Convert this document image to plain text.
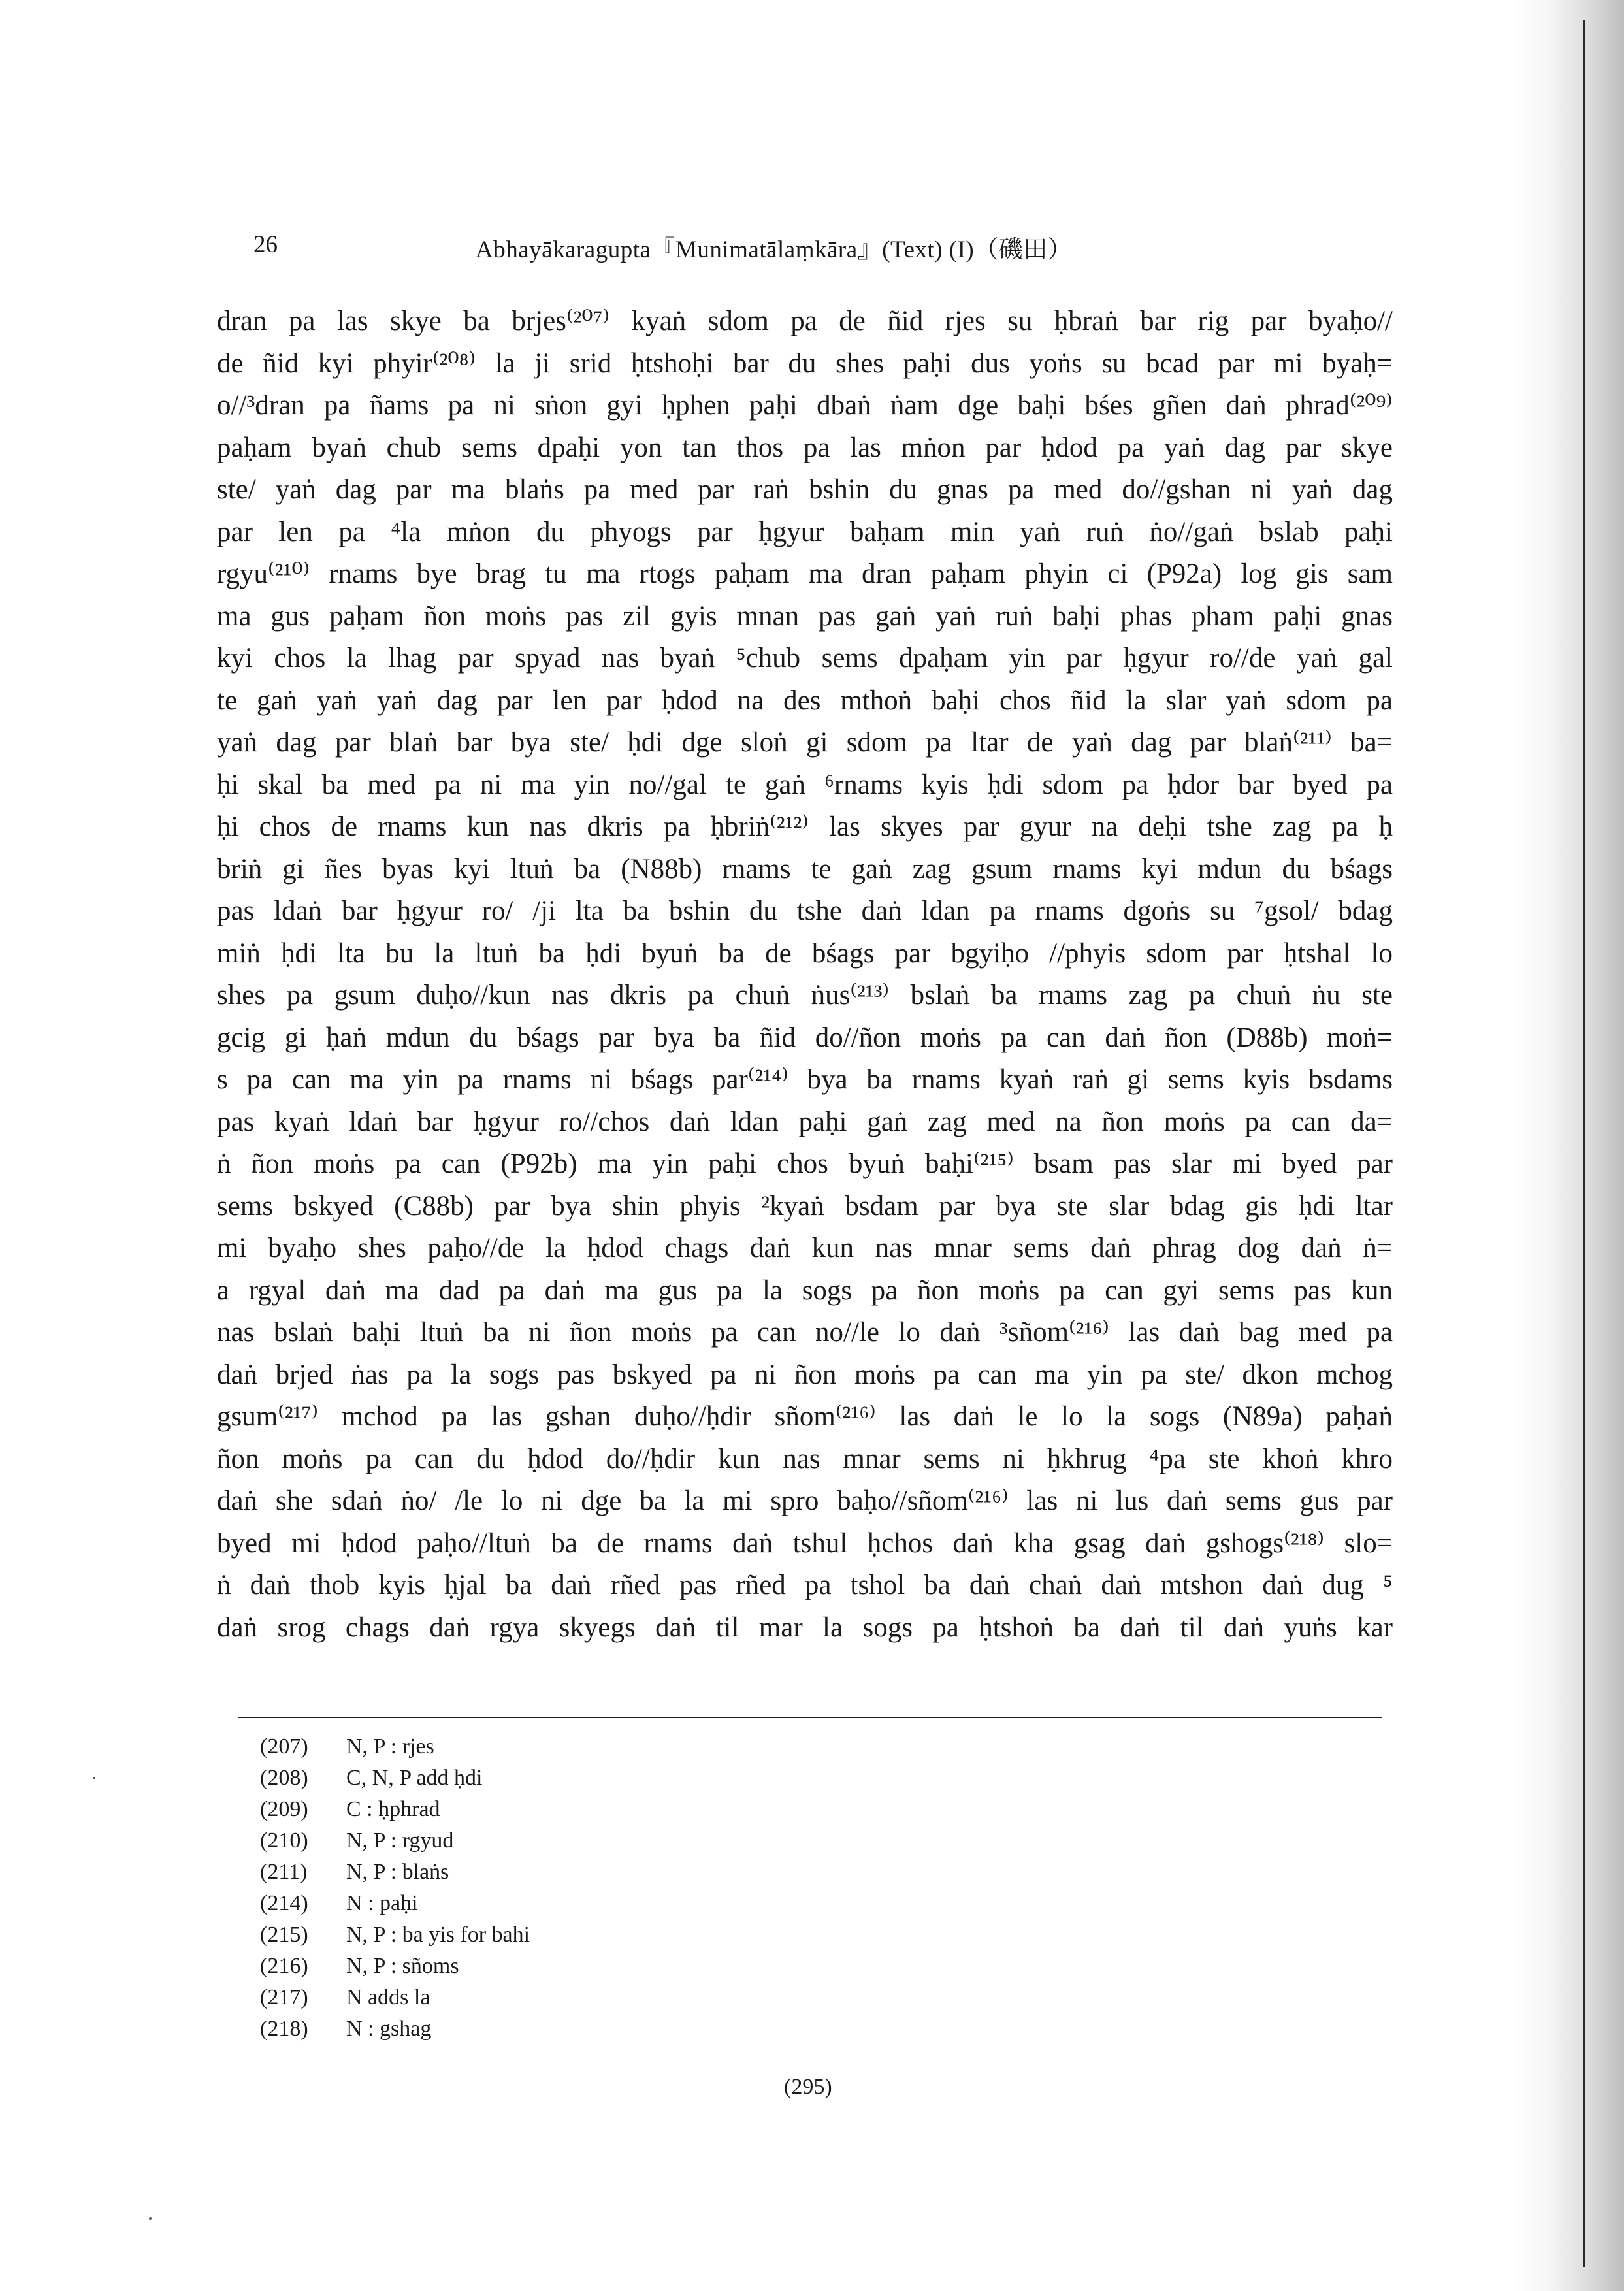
26	Abhayākaragupta『Munimatālaṃkāra』(Text) (I)（磯田）
dran pa las skye ba brjes⁽²⁰⁷⁾ kyaṅ sdom pa de ñid rjes su ḥbraṅ bar rig par byaḥo//
de ñid kyi phyir⁽²⁰⁸⁾ la ji srid ḥtshoḥi bar du shes paḥi dus yoṅs su bcad par mi byaḥ=
o//³dran pa ñams pa ni sṅon gyi ḥphen paḥi dbaṅ ṅam dge baḥi bśes gñen daṅ phrad⁽²⁰⁹⁾
paḥam byaṅ chub sems dpaḥi yon tan thos pa las mṅon par ḥdod pa yaṅ dag par skye
ste/ yaṅ dag par ma blaṅs pa med par raṅ bshin du gnas pa med do//gshan ni yaṅ dag
par len pa ⁴la mṅon du phyogs par ḥgyur baḥam min yaṅ ruṅ ṅo//gaṅ bslab paḥi
rgyu⁽²¹⁰⁾ rnams bye brag tu ma rtogs paḥam ma dran paḥam phyin ci (P92a) log gis sam
ma gus paḥam ñon moṅs pas zil gyis mnan pas gaṅ yaṅ ruṅ baḥi phas pham paḥi gnas
kyi chos la lhag par spyad nas byaṅ ⁵chub sems dpaḥam yin par ḥgyur ro//de yaṅ gal
te gaṅ yaṅ yaṅ dag par len par ḥdod na des mthoṅ baḥi chos ñid la slar yaṅ sdom pa
yaṅ dag par blaṅ bar bya ste/ ḥdi dge sloṅ gi sdom pa ltar de yaṅ dag par blaṅ⁽²¹¹⁾ ba=
ḥi skal ba med pa ni ma yin no//gal te gaṅ ⁶rnams kyis ḥdi sdom pa ḥdor bar byed pa
ḥi chos de rnams kun nas dkris pa ḥbriṅ⁽²¹²⁾ las skyes par gyur na deḥi tshe zag pa ḥ
briṅ gi ñes byas kyi ltuṅ ba (N88b) rnams te gaṅ zag gsum rnams kyi mdun du bśags
pas ldaṅ bar ḥgyur ro/ /ji lta ba bshin du tshe daṅ ldan pa rnams dgoṅs su ⁷gsol/ bdag
miṅ ḥdi lta bu la ltuṅ ba ḥdi byuṅ ba de bśags par bgyiḥo //phyis sdom par ḥtshal lo
shes pa gsum duḥo//kun nas dkris pa chuṅ ṅus⁽²¹³⁾ bslaṅ ba rnams zag pa chuṅ ṅu ste
gcig gi ḥaṅ mdun du bśags par bya ba ñid do//ñon moṅs pa can daṅ ñon (D88b) moṅ=
s pa can ma yin pa rnams ni bśags par⁽²¹⁴⁾ bya ba rnams kyaṅ raṅ gi sems kyis bsdams
pas kyaṅ ldaṅ bar ḥgyur ro//chos daṅ ldan paḥi gaṅ zag med na ñon moṅs pa can da=
ṅ ñon moṅs pa can (P92b) ma yin paḥi chos byuṅ baḥi⁽²¹⁵⁾ bsam pas slar mi byed par
sems bskyed (C88b) par bya shin phyis ²kyaṅ bsdam par bya ste slar bdag gis ḥdi ltar
mi byaḥo shes paḥo//de la ḥdod chags daṅ kun nas mnar sems daṅ phrag dog daṅ ṅ=
a rgyal daṅ ma dad pa daṅ ma gus pa la sogs pa ñon moṅs pa can gyi sems pas kun
nas bslaṅ baḥi ltuṅ ba ni ñon moṅs pa can no//le lo daṅ ³sñom⁽²¹⁶⁾ las daṅ bag med pa
daṅ brjed ṅas pa la sogs pas bskyed pa ni ñon moṅs pa can ma yin pa ste/ dkon mchog
gsum⁽²¹⁷⁾ mchod pa las gshan duḥo//ḥdir sñom⁽²¹⁶⁾ las daṅ le lo la sogs (N89a) paḥaṅ
ñon moṅs pa can du ḥdod do//ḥdir kun nas mnar sems ni ḥkhrug ⁴pa ste khoṅ khro
daṅ she sdaṅ ṅo/ /le lo ni dge ba la mi spro baḥo//sñom⁽²¹⁶⁾ las ni lus daṅ sems gus par
byed mi ḥdod paḥo//ltuṅ ba de rnams daṅ tshul ḥchos daṅ kha gsag daṅ gshogs⁽²¹⁸⁾ slo=
ṅ daṅ thob kyis ḥjal ba daṅ rñed pas rñed pa tshol ba daṅ chaṅ daṅ mtshon daṅ dug ⁵
daṅ srog chags daṅ rgya skyegs daṅ til mar la sogs pa ḥtshoṅ ba daṅ til daṅ yuṅs kar
(207) N, P : rjes
(208) C, N, P add ḥdi
(209) C : ḥphrad
(210) N, P : rgyud
(211) N, P : blaṅs
(214) N : paḥi
(215) N, P : ba yis for bahi
(216) N, P : sñoms
(217) N adds la
(218) N : gshag
(295)
